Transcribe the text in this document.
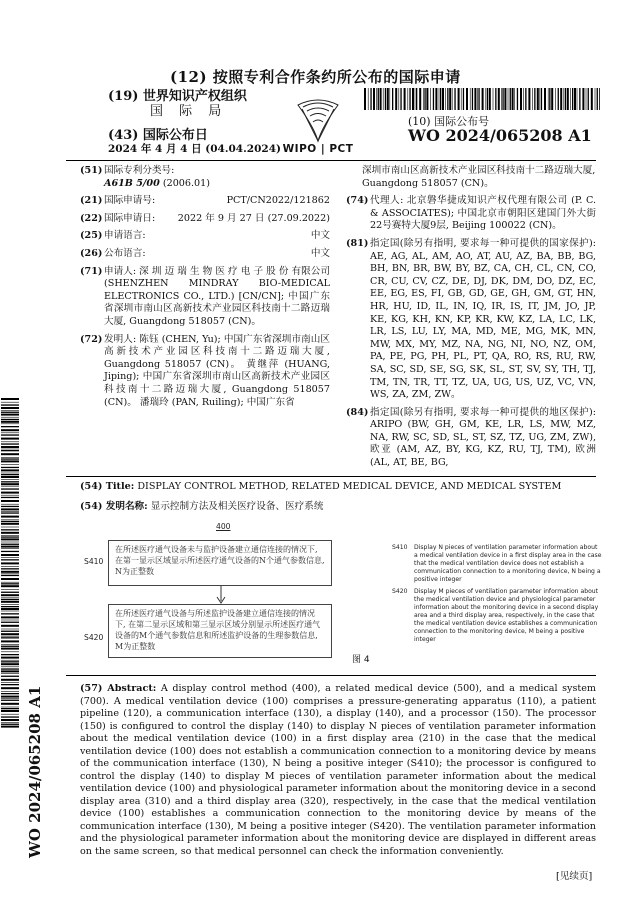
(12) 按照专利合作条约所公布的国际申请
(19) 世界知识产权组织
国 际 局
(43) 国际公布日
2024 年 4 月 4 日 (04.04.2024) WIPO | PCT
(10) 国际公布号
WO 2024/065208 A1
WO 2024/065208 A1
(51) 国际专利分类号:
A61B 5/00 (2006.01)
(21) 国际申请号:	PCT/CN2022/121862
(22) 国际申请日: 2022 年 9 月 27 日 (27.09.2022)
(25) 申请语言:	中文
(26) 公布语言:	中文
(71) 申请人: 深 圳 迈 瑞 生 物 医 疗 电 子 股 份 有限公司 (SHENZHEN MINDRAY BIO-MEDICAL ELECTRONICS CO., LTD.) [CN/CN]; 中国广东省深圳市南山区高新技术产业园区科技南十二路迈瑞大厦, Guangdong 518057 (CN)。
(72) 发明人: 陈钰 (CHEN, Yu); 中国广东省深圳市南山区高新技术产业园区科技南十二路迈瑞大厦, Guangdong 518057 (CN)。 黄继萍 (HUANG, Jiping); 中国广东省深圳市南山区高新技术产业园区科技南十二路迈瑞大厦, Guangdong 518057 (CN)。 潘瑞玲 (PAN, Ruiling); 中国广东省
深圳市南山区高新技术产业园区科技南十二路迈瑞大厦, Guangdong 518057 (CN)。
(74) 代理人: 北京磐华捷成知识产权代理有限公司 (P. C. & ASSOCIATES); 中国北京市朝阳区建国门外大街22号赛特大厦9层, Beijing 100022 (CN)。
(81) 指定国(除另有指明, 要求每一种可提供的国家保护): AE, AG, AL, AM, AO, AT, AU, AZ, BA, BB, BG, BH, BN, BR, BW, BY, BZ, CA, CH, CL, CN, CO, CR, CU, CV, CZ, DE, DJ, DK, DM, DO, DZ, EC, EE, EG, ES, FI, GB, GD, GE, GH, GM, GT, HN, HR, HU, ID, IL, IN, IQ, IR, IS, IT, JM, JO, JP, KE, KG, KH, KN, KP, KR, KW, KZ, LA, LC, LK, LR, LS, LU, LY, MA, MD, ME, MG, MK, MN, MW, MX, MY, MZ, NA, NG, NI, NO, NZ, OM, PA, PE, PG, PH, PL, PT, QA, RO, RS, RU, RW, SA, SC, SD, SE, SG, SK, SL, ST, SV, SY, TH, TJ, TM, TN, TR, TT, TZ, UA, UG, US, UZ, VC, VN, WS, ZA, ZM, ZW。
(84) 指定国(除另有指明, 要求每一种可提供的地区保护): ARIPO (BW, GH, GM, KE, LR, LS, MW, MZ, NA, RW, SC, SD, SL, ST, SZ, TZ, UG, ZM, ZW), 欧亚 (AM, AZ, BY, KG, KZ, RU, TJ, TM), 欧洲 (AL, AT, BE, BG,
(54) Title: DISPLAY CONTROL METHOD, RELATED MEDICAL DEVICE, AND MEDICAL SYSTEM
(54) 发明名称: 显示控制方法及相关医疗设备、医疗系统
400
在所述医疗通气设备未与监护设备建立通信连接的情况下, 在第一显示区域显示所述医疗通气设备的N个通气参数信息, N为正整数
S410
在所述医疗通气设备与所述监护设备建立通信连接的情况下, 在第二显示区域和第三显示区域分别显示所述医疗通气设备的M个通气参数信息和所述监护设备的生理参数信息, M为正整数
S420
图 4
S410 Display N pieces of ventilation parameter information about a medical ventilation device in a first display area in the case that the medical ventilation device does not establish a communication connection to a monitoring device, N being a positive integer
S420 Display M pieces of ventilation parameter information about the medical ventilation device and physiological parameter information about the monitoring device in a second display area and a third display area, respectively, in the case that the medical ventilation device establishes a communication connection to the monitoring device, M being a positive integer
(57) Abstract: A display control method (400), a related medical device (500), and a medical system (700). A medical ventilation device (100) comprises a pressure-generating apparatus (110), a patient pipeline (120), a communication interface (130), a display (140), and a processor (150). The processor (150) is configured to control the display (140) to display N pieces of ventilation parameter information about the medical ventilation device (100) in a first display area (210) in the case that the medical ventilation device (100) does not establish a communication connection to a monitoring device by means of the communication interface (130), N being a positive integer (S410); the processor is configured to control the display (140) to display M pieces of ventilation parameter information about the medical ventilation device (100) and physiological parameter information about the monitoring device in a second display area (310) and a third display area (320), respectively, in the case that the medical ventilation device (100) establishes a communication connection to the monitoring device by means of the communication interface (130), M being a positive integer (S420). The ventilation parameter information and the physiological parameter information about the monitoring device are displayed in different areas on the same screen, so that medical personnel can check the information conveniently.
[见续页]
